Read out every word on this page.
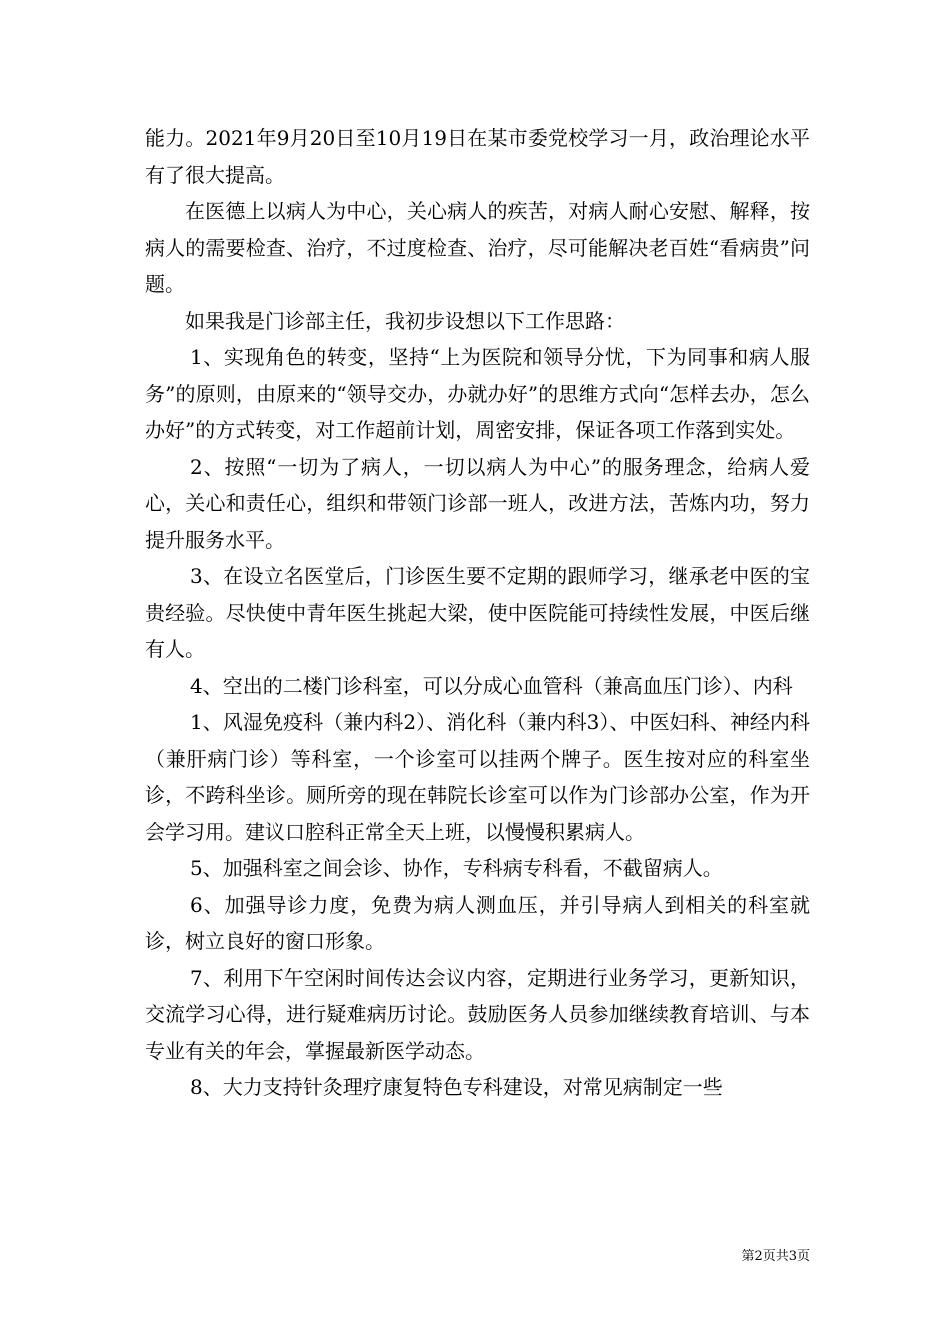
能力。2021年9月20日至10月19日在某市委党校学习一月，政治理论水平有了很大提高。

在医德上以病人为中心，关心病人的疾苦，对病人耐心安慰、解释，按病人的需要检查、治疗，不过度检查、治疗，尽可能解决老百姓“看病贵”问题。

如果我是门诊部主任，我初步设想以下工作思路：

1、实现角色的转变，坚持“上为医院和领导分忧，下为同事和病人服务”的原则，由原来的“领导交办，办就办好”的思维方式向“怎样去办，怎么办好”的方式转变，对工作超前计划，周密安排，保证各项工作落到实处。

2、按照“一切为了病人，一切以病人为中心”的服务理念，给病人爱心，关心和责任心，组织和带领门诊部一班人，改进方法，苦炼内功，努力提升服务水平。

3、在设立名医堂后，门诊医生要不定期的跟师学习，继承老中医的宝贵经验。尽快使中青年医生挑起大梁，使中医院能可持续性发展，中医后继有人。

4、空出的二楼门诊科室，可以分成心血管科（兼高血压门诊）、内科

1、风湿免疫科（兼内科2）、消化科（兼内科3）、中医妇科、神经内科（兼肝病门诊）等科室，一个诊室可以挂两个牌子。医生按对应的科室坐诊，不跨科坐诊。厕所旁的现在韩院长诊室可以作为门诊部办公室，作为开会学习用。建议口腔科正常全天上班，以慢慢积累病人。

5、加强科室之间会诊、协作，专科病专科看，不截留病人。

6、加强导诊力度，免费为病人测血压，并引导病人到相关的科室就诊，树立良好的窗口形象。

7、利用下午空闲时间传达会议内容，定期进行业务学习，更新知识，交流学习心得，进行疑难病历讨论。鼓励医务人员参加继续教育培训、与本专业有关的年会，掌握最新医学动态。

8、大力支持针灸理疗康复特色专科建设，对常见病制定一些

第2页共3页
